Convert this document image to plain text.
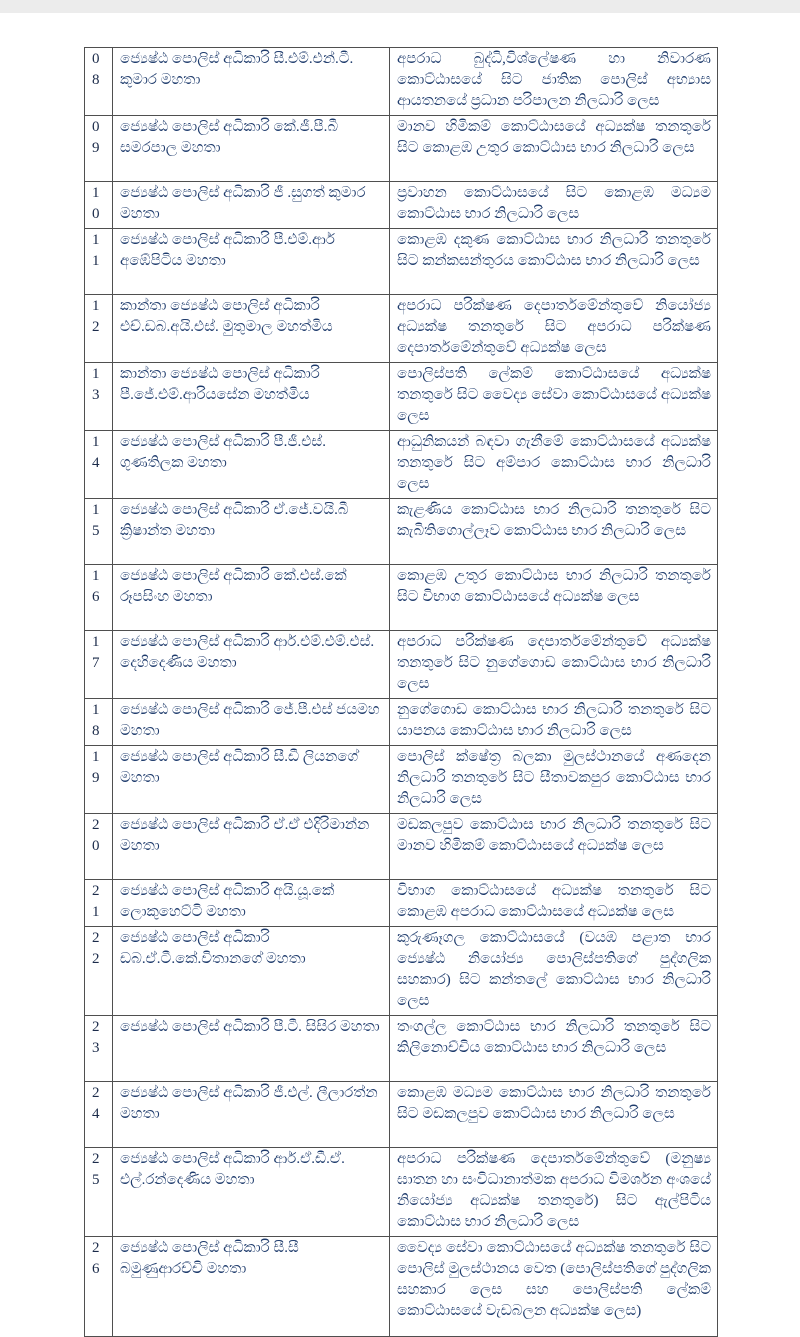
08	ජ්‍යෙෂ්ඨ පොලිස් අධිකාරි සී.එම්.එන්.ටී. කුමාර මහතා	අපරාධ බුද්ධි,විශ්ලේෂණ හා නිවාරණ කොට්ඨාසයේ සිට ජාතික පොලිස් අභ්‍යාස ආයතනයේ ප්‍රධාන පරිපාලන නිලධාරි ලෙස
09	ජ්‍යෙෂ්ඨ පොලිස් අධිකාරි කේ.ජී.පී.බී සමරපාල මහතා	මානව හිමිකම් කොට්ඨාසයේ අධ්‍යක්ෂ තනතුරේ සිට කොළඹ උතුර කොට්ඨාස භාර නිලධාරි ලෙස
10	ජ්‍යෙෂ්ඨ පොලිස් අධිකාරි ජී .සුගත් කුමාර මහතා	ප්‍රවාහන කොට්ඨාසයේ සිට කොළඹ මධ්‍යම කොට්ඨාස භාර නිලධාරි ලෙස
11	ජ්‍යෙෂ්ඨ පොලිස් අධිකාරි පී.එම්.ආර් අඹේපිටිය මහතා	කොළඹ දකුණ කොට්ඨාස භාර නිලධාරි තනතුරේ සිට කන්කසන්තුරය කොට්ඨාස භාර නිලධාරි ලෙස
12	කාන්තා ජ්‍යෙෂ්ඨ පොලිස් අධිකාරි එච්.ඩබ.අයි.එස්. මුතුමාල මහත්මිය	අපරාධ පරික්ෂණ දෙපාර්තමේන්තුවේ නියෝජ්‍ය අධ්‍යක්ෂ තනතුරේ සිට අපරාධ පරික්ෂණ දෙපාර්තමේන්තුවේ අධ්‍යක්ෂ ලෙස
13	කාන්තා ජ්‍යෙෂ්ඨ පොලිස් අධිකාරි පී.ජේ.එම්.ආරියසේන මහත්මිය	පොලිස්පති ලේකම් කොට්ඨාසයේ අධ්‍යක්ෂ තනතුරේ සිට වෛද්‍ය සේවා කොට්ඨාසයේ අධ්‍යක්ෂ ලෙස
14	ජ්‍යෙෂ්ඨ පොලිස් අධිකාරි පී.ජී.එස්. ගුණතිලක මහතා	ආධුනිකයන් බඳවා ගැනීමේ කොට්ඨාසයේ අධ්‍යක්ෂ තනතුරේ සිට අම්පාර කොට්ඨාස භාර නිලධාරි ලෙස
15	ජ්‍යෙෂ්ඨ පොලිස් අධිකාරි ඒ.ජේ.වයි.බී ක්‍රිෂාන්ත මහතා	කැළණිය කොට්ඨාස භාර නිලධාරි තනතුරේ සිට කැබිතිගොල්ලෑව කොට්ඨාස භාර නිලධාරි ලෙස
16	ජ්‍යෙෂ්ඨ පොලිස් අධිකාරි කේ.එස්.කේ රූපසිංහ මහතා	කොළඹ උතුර කොට්ඨාස භාර නිලධාරි තනතුරේ සිට විභාග කොට්ඨාසයේ අධ්‍යක්ෂ ලෙස
17	ජ්‍යෙෂ්ඨ පොලිස් අධිකාරි ආර්.එම්.එම්.එස්. දෙහිදෙණිය මහතා	අපරාධ පරික්ෂණ දෙපාර්තමේන්තුවේ අධ්‍යක්ෂ තනතුරේ සිට නුගේගොඩ කොට්ඨාස භාර නිලධාරි ලෙස
18	ජ්‍යෙෂ්ඨ පොලිස් අධිකාරි ජේ.පී.එස් ජයමහ මහතා	නුගේගොඩ කොට්ඨාස භාර නිලධාරි තනතුරේ සිට යාපනය කොට්ඨාස භාර නිලධාරි ලෙස
19	ජ්‍යෙෂ්ඨ පොලිස් අධිකාරි සී.ඩී ලියනගේ මහතා	පොලිස් ක්ෂේත්‍ර බලකා මුලස්ථානයේ අණදෙන නිලධාරි තනතුරේ සිට සීතාවකපුර කොට්ඨාස භාර නිලධාරි ලෙස
20	ජ්‍යෙෂ්ඨ පොලිස් අධිකාරි ඒ.ඒ එදිරිමාන්න මහතා	මඩකලපුව කොට්ඨාස භාර නිලධාරි තනතුරේ සිට මානව හිමිකම් කොට්ඨාසයේ අධ්‍යක්ෂ ලෙස
21	ජ්‍යෙෂ්ඨ පොලිස් අධිකාරි අයි.යූ.කේ ලොකුහෙට්ටි මහතා	විභාග කොට්ඨාසයේ අධ්‍යක්ෂ තනතුරේ සිට කොළඹ අපරාධ කොට්ඨාසයේ අධ්‍යක්ෂ ලෙස
22	ජ්‍යෙෂ්ඨ පොලිස් අධිකාරි ඩබ.ඒ.ටී.කේ.විතානගේ මහතා	කුරුණෑගල කොට්ඨාසයේ (වයඹ පළාත භාර ජ්‍යෙෂ්ඨ නියෝජ්‍ය පොලිස්පතිගේ පුද්ගලික සහකාර) සිට කන්තලේ කොට්ඨාස භාර නිලධාරි ලෙස
23	ජ්‍යෙෂ්ඨ පොලිස් අධිකාරි පී.ටී. සිසිර මහතා	තංගල්ල කොට්ඨාස භාර නිලධාරි තනතුරේ සිට කිලිනොච්චිය කොට්ඨාස භාර නිලධාරි ලෙස
24	ජ්‍යෙෂ්ඨ පොලිස් අධිකාරි ජී.එල්. ලීලාරත්න මහතා	කොළඹ මධ්‍යම කොට්ඨාස භාර නිලධාරි තනතුරේ සිට මඩකලපුව කොට්ඨාස භාර නිලධාරි ලෙස
25	ජ්‍යෙෂ්ඨ පොලිස් අධිකාරි ආර්.ඒ.ඩී.ඒ. එල්.රන්දෙණිය මහතා	අපරාධ පරික්ෂණ දෙපාර්තමේන්තුවේ (මනුෂ්‍ය ඝාතන හා සංවිධානාත්මක අපරාධ විමර්ශන අංශයේ නියෝජ්‍ය අධ්‍යක්ෂ තනතුරේ) සිට ඇල්පිටිය කොට්ඨාස භාර නිලධාරි ලෙස
26	ජ්‍යෙෂ්ඨ පොලිස් අධිකාරි සී.සී බමුණුආරච්චි මහතා	වෛද්‍ය සේවා කොට්ඨාසයේ අධ්‍යක්ෂ තනතුරේ සිට පොලිස් මුලස්ථානය වෙත (පොලිස්පතිගේ පුද්ගලික සහකාර ලෙස සහ පොලිස්පති ලේකම් කොට්ඨාසයේ වැඩබලන අධ්‍යක්ෂ ලෙස)
